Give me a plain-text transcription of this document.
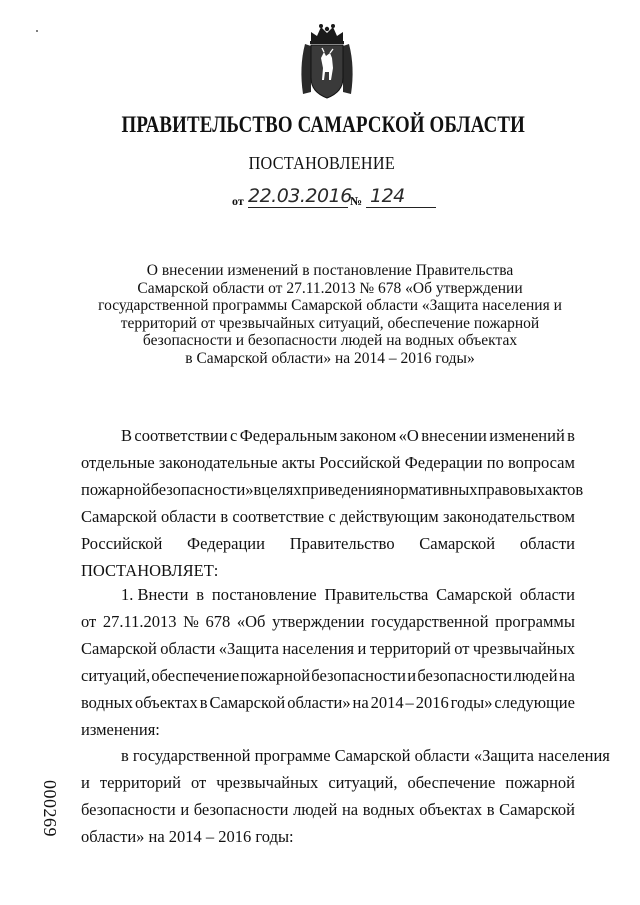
ПРАВИТЕЛЬСТВО САМАРСКОЙ ОБЛАСТИ
ПОСТАНОВЛЕНИЕ
от 22.03.2016
№ 124
О внесении изменений в постановление Правительства
Самарской области от 27.11.2013 № 678 «Об утверждении
государственной программы Самарской области «Защита населения и
территорий от чрезвычайных ситуаций, обеспечение пожарной
безопасности и безопасности людей на водных объектах
в Самарской области» на 2014 – 2016 годы»
В соответствии с Федеральным законом «О внесении изменений в
отдельные законодательные акты Российской Федерации по вопросам
пожарной безопасности» в целях приведения нормативных правовых актов
Самарской области в соответствие с действующим законодательством
Российской Федерации Правительство Самарской области
ПОСТАНОВЛЯЕТ:
1. Внести в постановление Правительства Самарской области
от 27.11.2013 № 678 «Об утверждении государственной программы
Самарской области «Защита населения и территорий от чрезвычайных
ситуаций, обеспечение пожарной безопасности и безопасности людей на
водных объектах в Самарской области» на 2014 – 2016 годы» следующие
изменения:
в государственной программе Самарской области «Защита населения
и территорий от чрезвычайных ситуаций, обеспечение пожарной
безопасности и безопасности людей на водных объектах в Самарской
области» на 2014 – 2016 годы:
000269
